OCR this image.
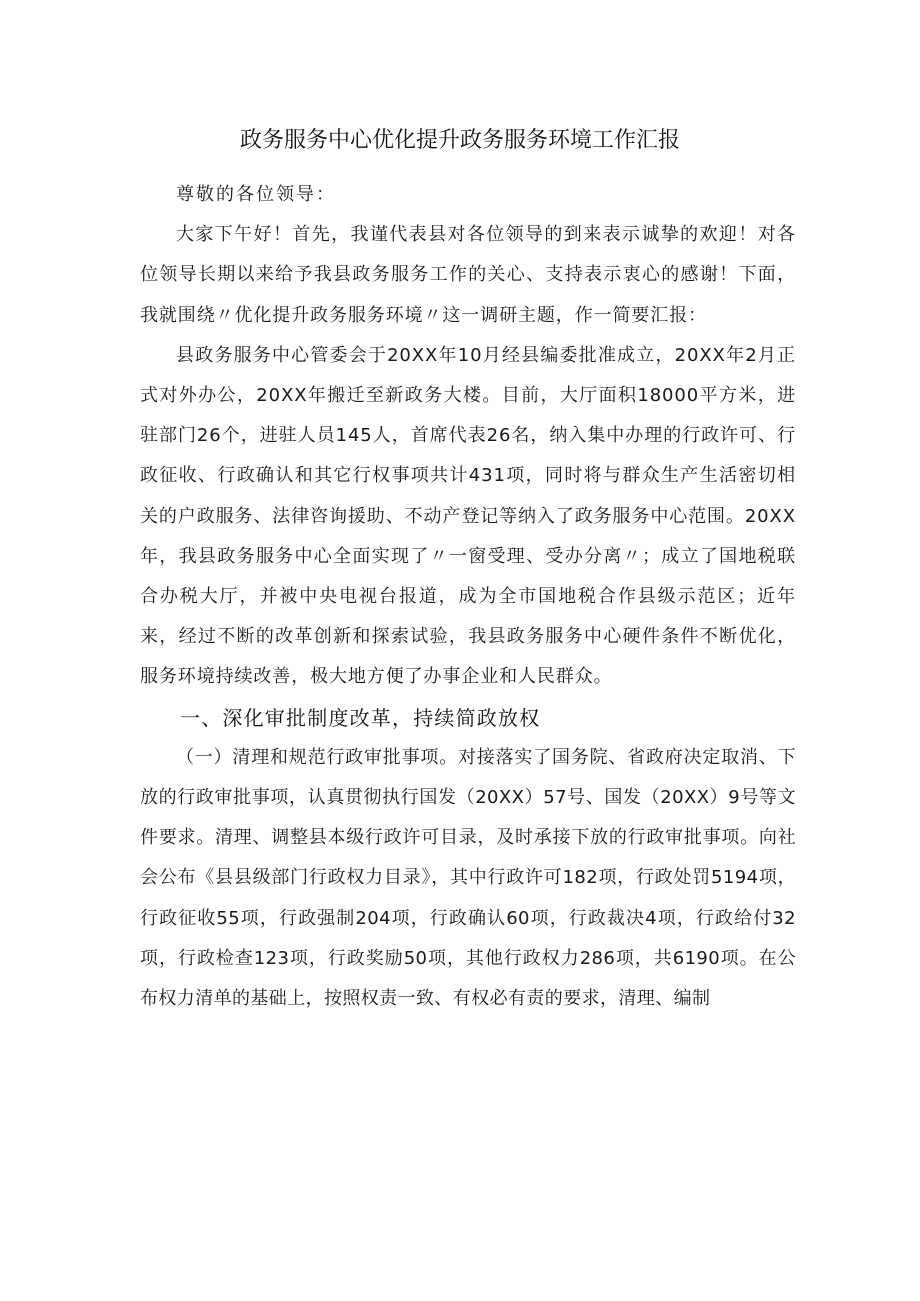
政务服务中心优化提升政务服务环境工作汇报

尊敬的各位领导：

大家下午好！首先，我谨代表县对各位领导的到来表示诚挚的欢迎！对各位领导长期以来给予我县政务服务工作的关心、支持表示衷心的感谢！下面，我就围绕〃优化提升政务服务环境〃这一调研主题，作一简要汇报：

县政务服务中心管委会于20XX年10月经县编委批准成立，20XX年2月正式对外办公，20XX年搬迁至新政务大楼。目前，大厅面积18000平方米，进驻部门26个，进驻人员145人，首席代表26名，纳入集中办理的行政许可、行政征收、行政确认和其它行权事项共计431项，同时将与群众生产生活密切相关的户政服务、法律咨询援助、不动产登记等纳入了政务服务中心范围。20XX年，我县政务服务中心全面实现了〃一窗受理、受办分离〃；成立了国地税联合办税大厅，并被中央电视台报道，成为全市国地税合作县级示范区；近年来，经过不断的改革创新和探索试验，我县政务服务中心硬件条件不断优化，服务环境持续改善，极大地方便了办事企业和人民群众。

一、深化审批制度改革，持续简政放权

（一）清理和规范行政审批事项。对接落实了国务院、省政府决定取消、下放的行政审批事项，认真贯彻执行国发（20XX）57号、国发（20XX）9号等文件要求。清理、调整县本级行政许可目录，及时承接下放的行政审批事项。向社会公布《县县级部门行政权力目录》，其中行政许可182项，行政处罚5194项，行政征收55项，行政强制204项，行政确认60项，行政裁决4项，行政给付32项，行政检查123项，行政奖励50项，其他行政权力286项，共6190项。在公布权力清单的基础上，按照权责一致、有权必有责的要求，清理、编制
